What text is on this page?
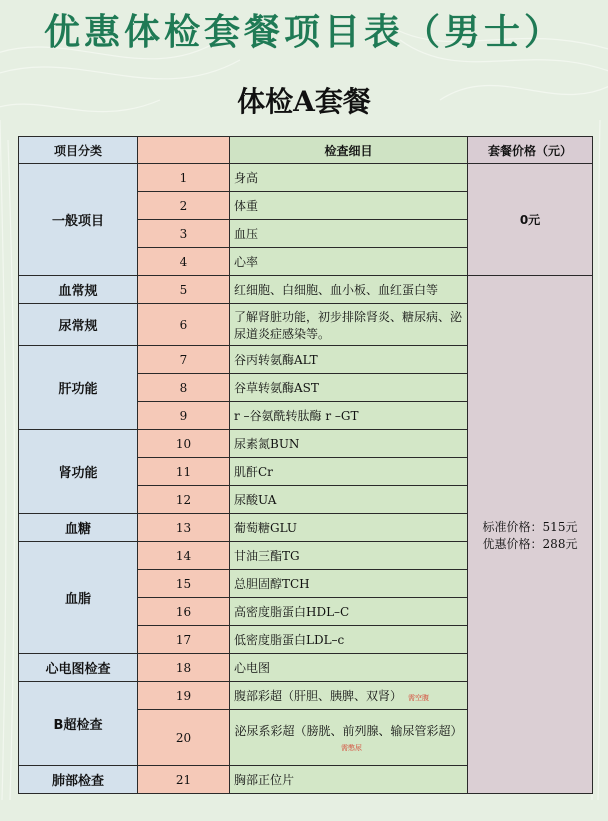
优惠体检套餐项目表（男士）
体检A套餐
项目分类		检查细目	套餐价格（元）
一般项目	1	身高	0元
	2	体重	
	3	血压	
	4	心率	
血常规	5	红细胞、白细胞、血小板、血红蛋白等	标准价格：515元
优惠价格：288元

尿常规	6	了解肾脏功能，初步排除肾炎、糖尿病、泌尿道炎症感染等。	
肝功能	7	谷丙转氨酶ALT	
	8	谷草转氨酶AST	
	9	r –谷氨酰转肽酶 r –GT	
肾功能	10	尿素氮BUN	
	11	肌酐Cr	
	12	尿酸UA	
血糖	13	葡萄糖GLU	
血脂	14	甘油三酯TG	
	15	总胆固醇TCH	
	16	高密度脂蛋白HDL–C	
	17	低密度脂蛋白LDL–c	
心电图检查	18	心电图	
B超检查	19	腹部彩超（肝胆、胰脾、双肾） 需空腹	
	20	泌尿系彩超（膀胱、前列腺、输尿管彩超）需憋尿	
肺部检查	21	胸部正位片	
